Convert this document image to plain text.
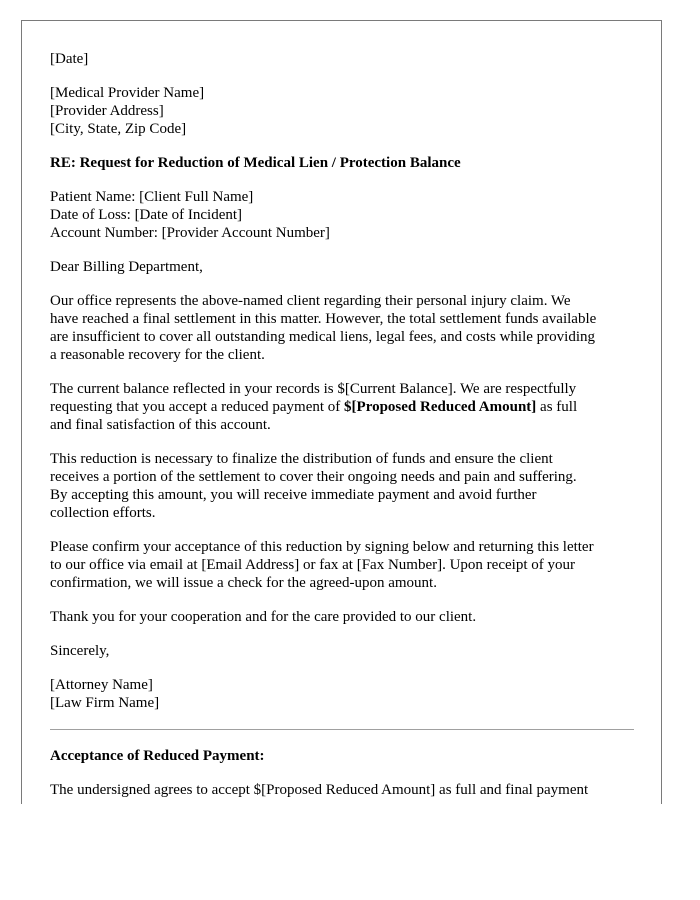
[Date]
[Medical Provider Name]
[Provider Address]
[City, State, Zip Code]
RE: Request for Reduction of Medical Lien / Protection Balance
Patient Name: [Client Full Name]
Date of Loss: [Date of Incident]
Account Number: [Provider Account Number]
Dear Billing Department,
Our office represents the above-named client regarding their personal injury claim. We
have reached a final settlement in this matter. However, the total settlement funds available
are insufficient to cover all outstanding medical liens, legal fees, and costs while providing
a reasonable recovery for the client.
The current balance reflected in your records is $[Current Balance]. We are respectfully
requesting that you accept a reduced payment of $[Proposed Reduced Amount] as full
and final satisfaction of this account.
This reduction is necessary to finalize the distribution of funds and ensure the client
receives a portion of the settlement to cover their ongoing needs and pain and suffering.
By accepting this amount, you will receive immediate payment and avoid further
collection efforts.
Please confirm your acceptance of this reduction by signing below and returning this letter
to our office via email at [Email Address] or fax at [Fax Number]. Upon receipt of your
confirmation, we will issue a check for the agreed-upon amount.
Thank you for your cooperation and for the care provided to our client.
Sincerely,
[Attorney Name]
[Law Firm Name]
Acceptance of Reduced Payment:
The undersigned agrees to accept $[Proposed Reduced Amount] as full and final payment
